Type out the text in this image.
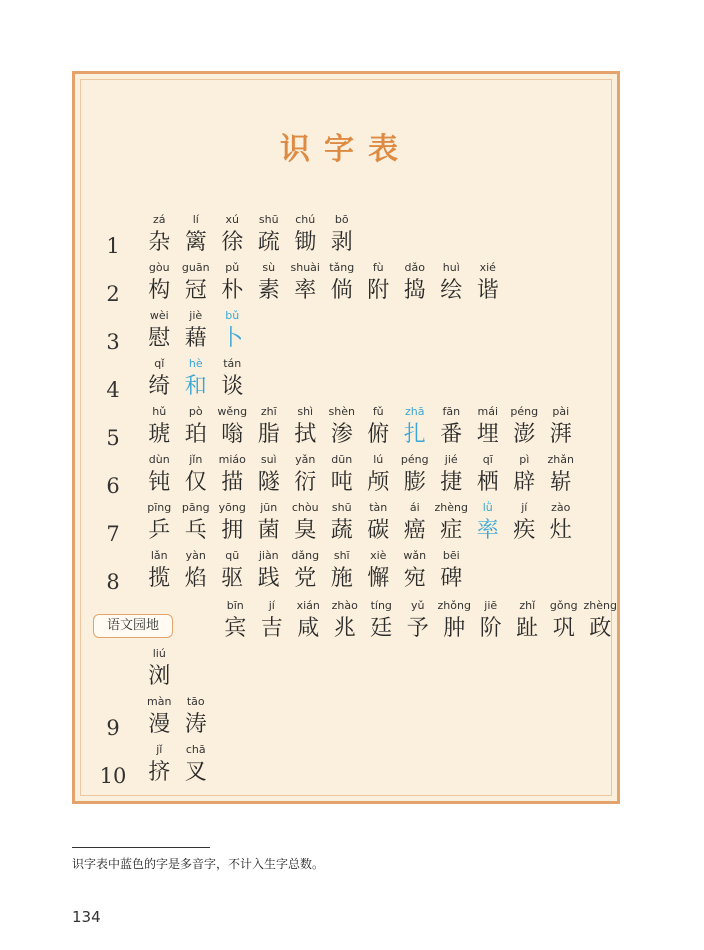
识字表
1
zá
杂
lí
篱
xú
徐
shū
疏
chú
锄
bō
剥
2
gòu
构
guān
冠
pǔ
朴
sù
素
shuài
率
tǎng
倘
fù
附
dǎo
捣
huì
绘
xié
谐
3
wèi
慰
jiè
藉
bǔ
卜
4
qǐ
绮
hè
和
tán
谈
5
hǔ
琥
pò
珀
wěng
嗡
zhī
脂
shì
拭
shèn
渗
fǔ
俯
zhā
扎
fān
番
mái
埋
péng
澎
pài
湃
6
dùn
钝
jǐn
仅
miáo
描
suì
隧
yǎn
衍
dūn
吨
lú
颅
péng
膨
jié
捷
qī
栖
pì
辟
zhǎn
崭
7
pīng
乒
pāng
乓
yōng
拥
jūn
菌
chòu
臭
shū
蔬
tàn
碳
ái
癌
zhèng
症
lǜ
率
jí
疾
zào
灶
8
lǎn
揽
yàn
焰
qū
驱
jiàn
践
dǎng
党
shī
施
xiè
懈
wǎn
宛
bēi
碑
语文园地
bīn
宾
jí
吉
xián
咸
zhào
兆
tíng
廷
yǔ
予
zhǒng
肿
jiē
阶
zhǐ
趾
gǒng
巩
zhèng
政
liú
浏
9
màn
漫
tāo
涛
10
jǐ
挤
chā
叉
识字表中蓝色的字是多音字，不计入生字总数。
134
